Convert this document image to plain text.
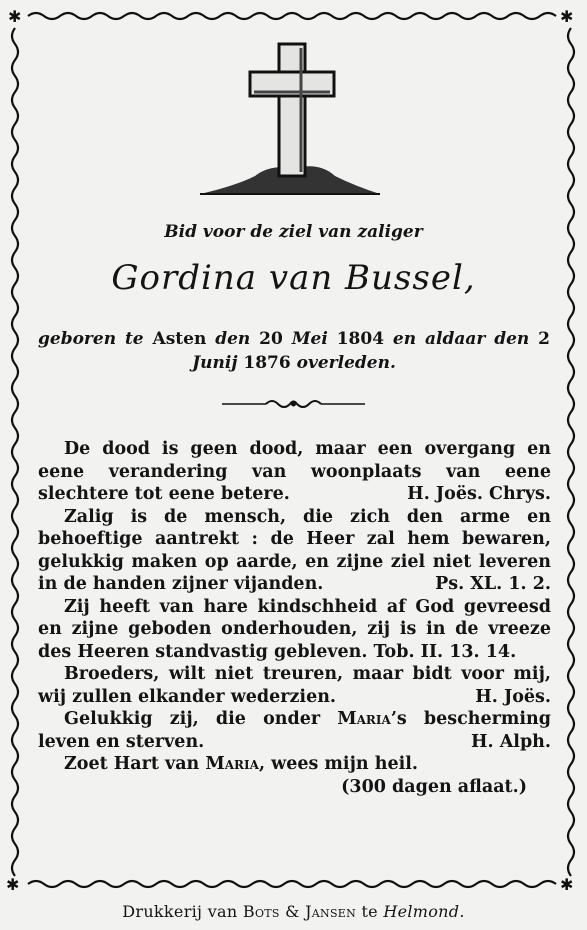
✱	✱
✱	✱
Bid voor de ziel van zaliger
Gordina van Bussel,
geboren te Asten den 20 Mei 1804 en aldaar den 2 Junij 1876 overleden.
De dood is geen dood, maar een overgang en eene verandering van woonplaats van eene slechtere tot eene betere.	H. Joës. Chrys.
Zalig is de mensch, die zich den arme en behoeftige aantrekt : de Heer zal hem bewaren, gelukkig maken op aarde, en zijne ziel niet leveren in de handen zijner vijanden.	Ps. XL. 1. 2.
Zij heeft van hare kindschheid af God gevreesd en zijne geboden onderhouden, zij is in de vreeze des Heeren standvastig gebleven. Tob. II. 13. 14.
Broeders, wilt niet treuren, maar bidt voor mij, wij zullen elkander wederzien.	H. Joës.
Gelukkig zij, die onder Maria’s bescherming leven en sterven.	H. Alph.
Zoet Hart van Maria, wees mijn heil.
(300 dagen aflaat.)
Drukkerij van Bots & Jansen te Helmond.
